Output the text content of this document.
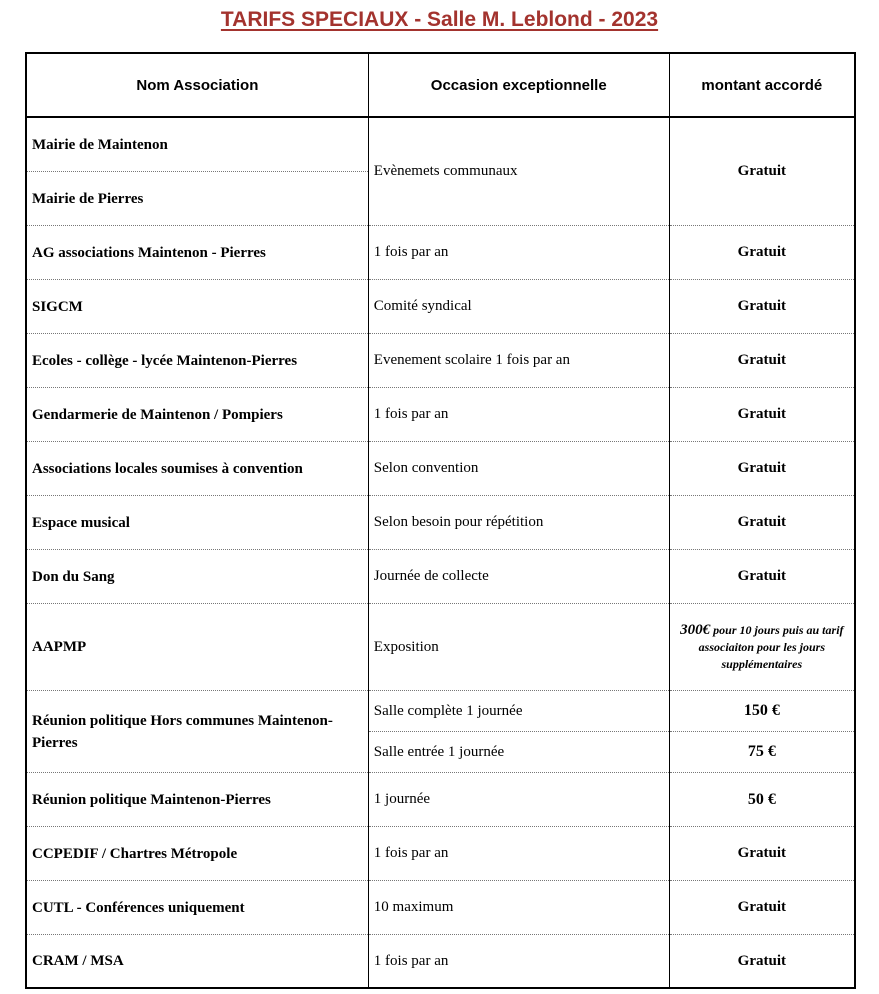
TARIFS SPECIAUX - Salle M. Leblond - 2023
Nom Association	Occasion exceptionnelle	montant accordé
Mairie de Maintenon	Evènemets communaux	Gratuit
Mairie de Pierres		
AG associations Maintenon - Pierres	1 fois par an	Gratuit
SIGCM	Comité syndical	Gratuit
Ecoles - collège - lycée Maintenon-Pierres	Evenement scolaire 1 fois par an	Gratuit
Gendarmerie de Maintenon / Pompiers	1 fois par an	Gratuit
Associations locales soumises à convention	Selon convention	Gratuit
Espace musical	Selon besoin pour répétition	Gratuit
Don du Sang	Journée de collecte	Gratuit
AAPMP	Exposition	300€ pour 10 jours puis au tarif associaiton pour les jours supplémentaires
Réunion politique Hors communes Maintenon-Pierres	Salle complète 1 journée	150 €
	Salle entrée 1 journée	75 €
Réunion politique Maintenon-Pierres	1 journée	50 €
CCPEDIF / Chartres Métropole	1 fois par an	Gratuit
CUTL - Conférences uniquement	10 maximum	Gratuit
CRAM / MSA	1 fois par an	Gratuit
